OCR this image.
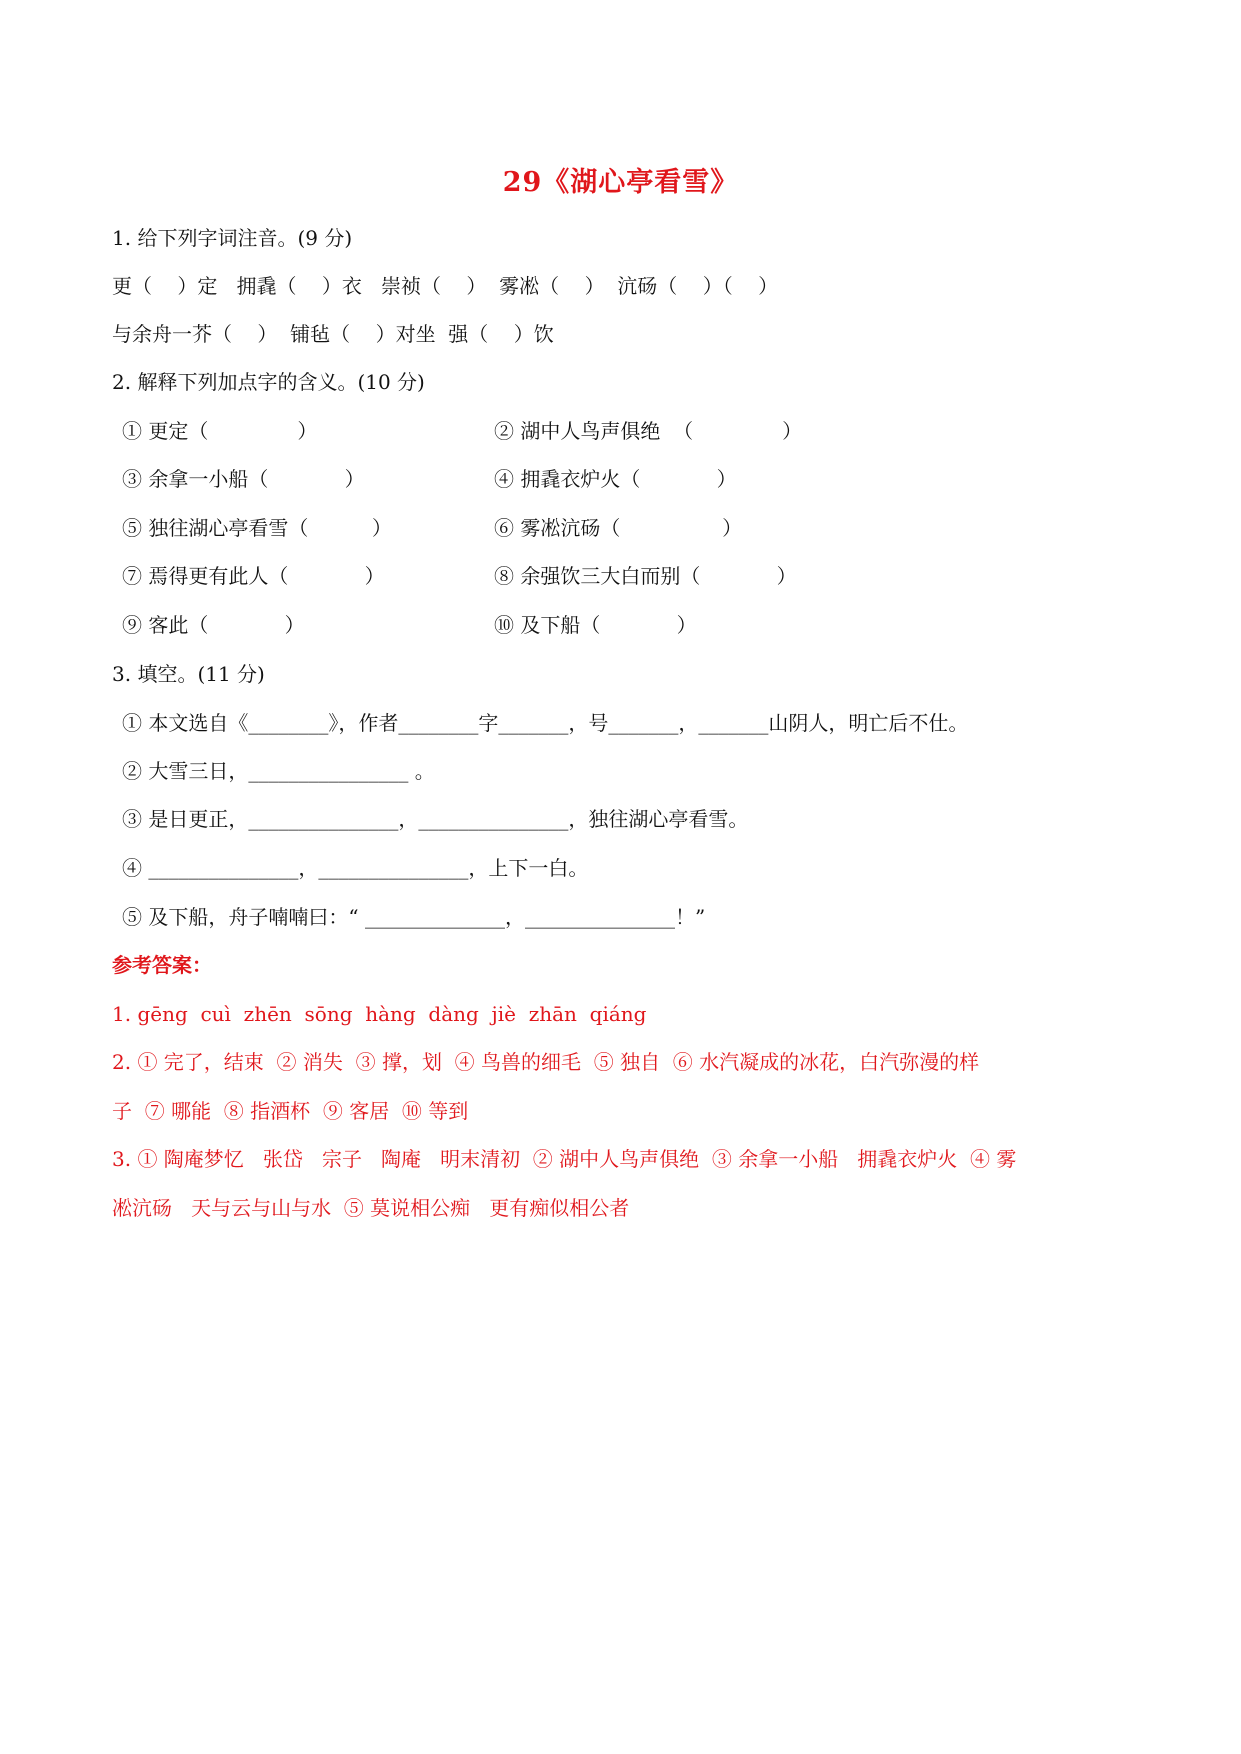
29《湖心亭看雪》
1. 给下列字词注音。(9 分)
更（    ）定   拥毳（    ）衣   崇祯（    ）  雾凇（    ）  沆砀（    ）（    ）
与余舟一芥（    ）  铺毡（    ）对坐  强（    ）饮
2. 解释下列加点字的含义。(10 分)
① 更定（              ）	② 湖中人鸟声俱绝  （              ）
③ 余拿一小船（            ）	④ 拥毳衣炉火（            ）
⑤ 独往湖心亭看雪（          ）	⑥ 雾凇沆砀（                ）
⑦ 焉得更有此人（            ）	⑧ 余强饮三大白而别（            ）
⑨ 客此（            ）	⑩ 及下船（            ）
3. 填空。(11 分)
① 本文选自《________》，作者________字_______，号_______，_______山阴人，明亡后不仕。
② 大雪三日，________________ 。
③ 是日更正，_______________，_______________，独往湖心亭看雪。
④ _______________，_______________，上下一白。
⑤ 及下船，舟子喃喃曰：“ ______________，_______________！”
参考答案：
1. gēng  cuì  zhēn  sōng  hàng  dàng  jiè  zhān  qiáng
2. ① 完了，结束  ② 消失  ③ 撑，划  ④ 鸟兽的细毛  ⑤ 独自  ⑥ 水汽凝成的冰花，白汽弥漫的样
子  ⑦ 哪能  ⑧ 指酒杯  ⑨ 客居  ⑩ 等到
3. ① 陶庵梦忆   张岱   宗子   陶庵   明末清初  ② 湖中人鸟声俱绝  ③ 余拿一小船   拥毳衣炉火  ④ 雾
凇沆砀   天与云与山与水  ⑤ 莫说相公痴   更有痴似相公者
